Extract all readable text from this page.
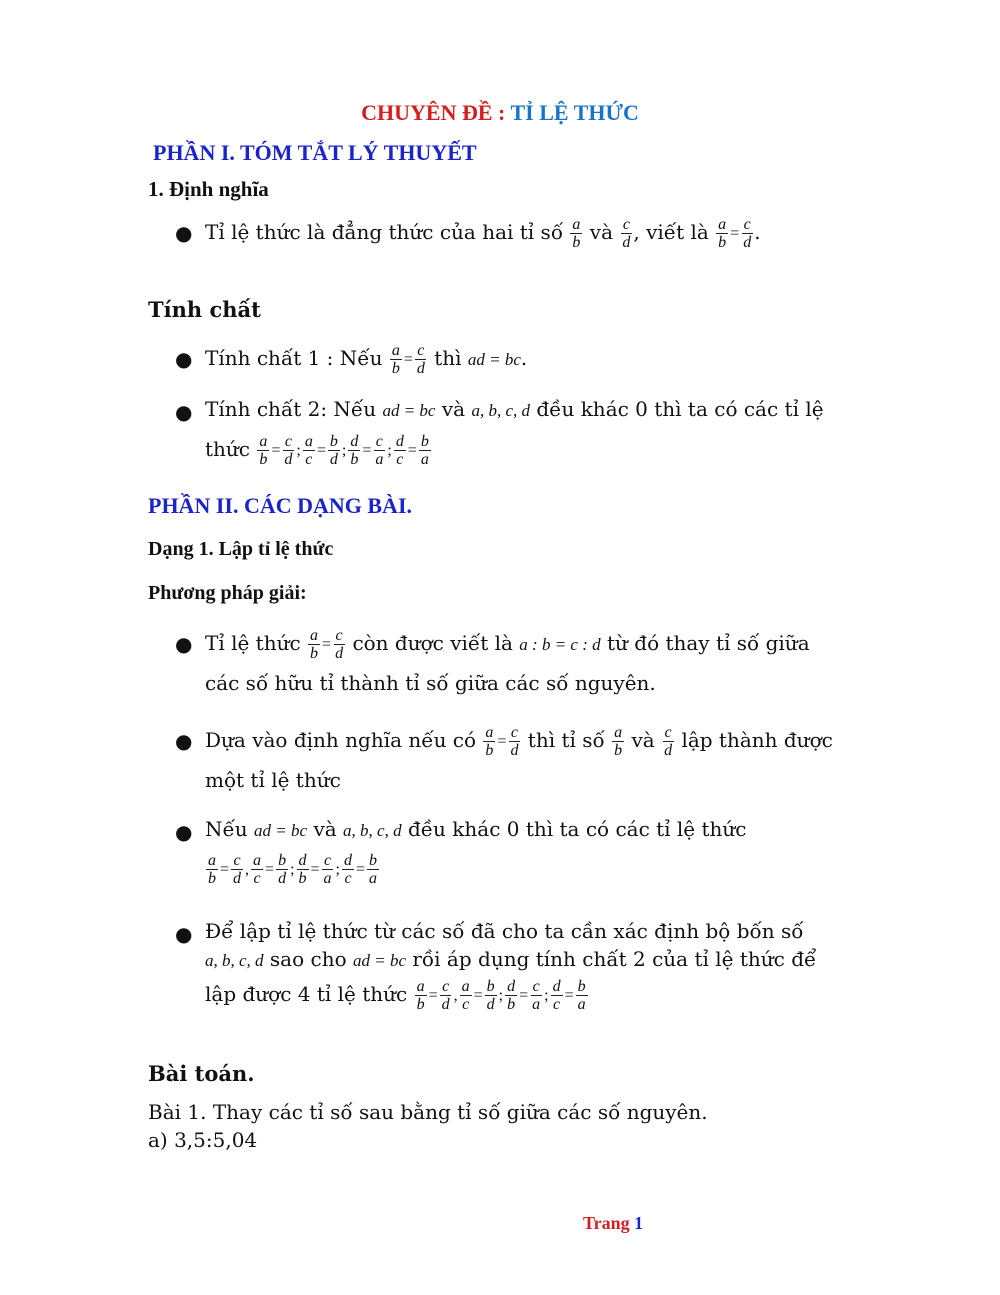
CHUYÊN ĐỀ : TỈ LỆ THỨC
PHẦN I. TÓM TẮT LÝ THUYẾT
1. Định nghĩa
● Tỉ lệ thức là đẳng thức của hai tỉ số $\frac{a}{b}$ và $\frac{c}{d}$ , viết là $\frac{a}{b} = \frac{c}{d}$ .
Tính chất
● Tính chất 1 : Nếu $\frac{a}{b} = \frac{c}{d}$ thì ad = bc.
● Tính chất 2: Nếu ad = bc và a, b, c, d đều khác 0 thì ta có các tỉ lệ
thức $\frac{a}{b} = \frac{c}{d}$ ; $\frac{a}{c} = \frac{b}{d}$ ; $\frac{d}{b} = \frac{c}{a}$ ; $\frac{d}{c} = \frac{b}{a}$
PHẦN II. CÁC DẠNG BÀI.
Dạng 1. Lập tỉ lệ thức
Phương pháp giải:
● Tỉ lệ thức $\frac{a}{b} = \frac{c}{d}$ còn được viết là a : b = c : d từ đó thay tỉ số giữa
các số hữu tỉ thành tỉ số giữa các số nguyên.
● Dựa vào định nghĩa nếu có $\frac{a}{b} = \frac{c}{d}$ thì tỉ số $\frac{a}{b}$ và $\frac{c}{d}$ lập thành được
một tỉ lệ thức
● Nếu ad = bc và a, b, c, d đều khác 0 thì ta có các tỉ lệ thức
$\frac{a}{b} = \frac{c}{d}$ , $\frac{a}{c} = \frac{b}{d}$ ; $\frac{d}{b} = \frac{c}{a}$ ; $\frac{d}{c} = \frac{b}{a}$
● Để lập tỉ lệ thức từ các số đã cho ta cần xác định bộ bốn số
a, b, c, d sao cho ad = bc rồi áp dụng tính chất 2 của tỉ lệ thức để
lập được 4 tỉ lệ thức $\frac{a}{b} = \frac{c}{d}$ , $\frac{a}{c} = \frac{b}{d}$ ; $\frac{d}{b} = \frac{c}{a}$ ; $\frac{d}{c} = \frac{b}{a}$
Bài toán.
Bài 1. Thay các tỉ số sau bằng tỉ số giữa các số nguyên.
a) 3,5:5,04
Trang 1
